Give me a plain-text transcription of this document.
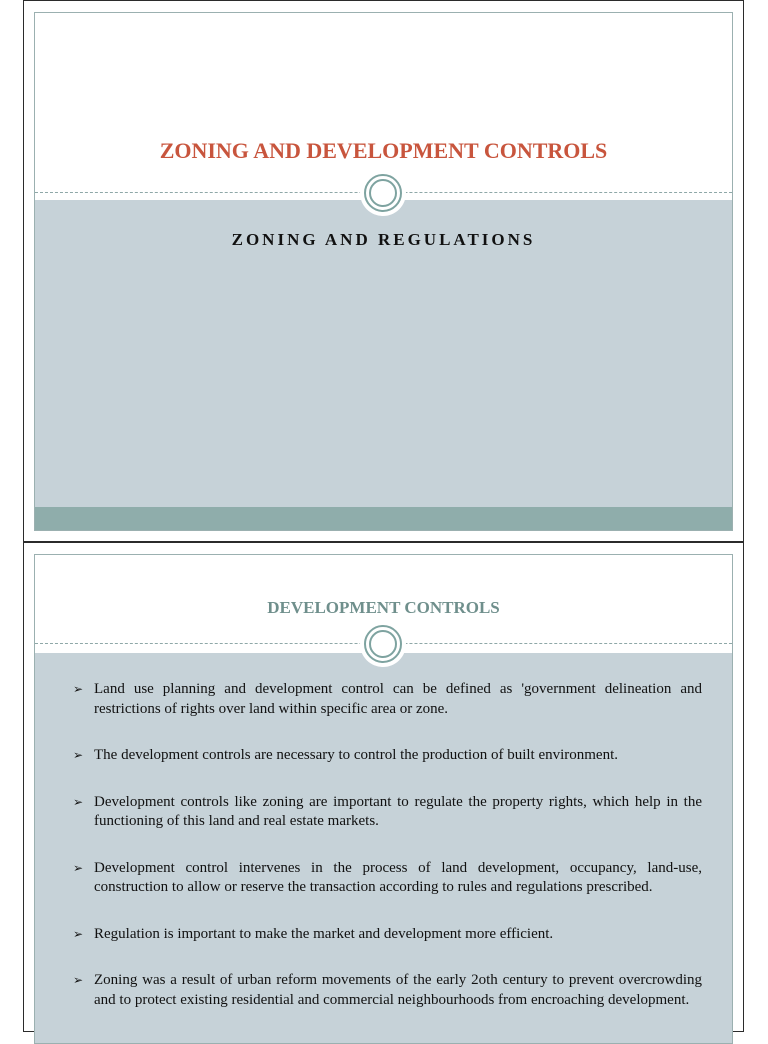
ZONING AND DEVELOPMENT CONTROLS
ZONING AND REGULATIONS
DEVELOPMENT CONTROLS
➢ Land use planning and development control can be defined as 'government delineation and restrictions of rights over land within specific area or zone.
➢ The development controls are necessary to control the production of built environment.
➢ Development controls like zoning are important to regulate the property rights, which help in the functioning of this land and real estate markets.
➢ Development control intervenes in the process of land development, occupancy, land-use, construction to allow or reserve the transaction according to rules and regulations prescribed.
➢ Regulation is important to make the market and development more efficient.
➢ Zoning was a result of urban reform movements of the early 2oth century to prevent overcrowding and to protect existing residential and commercial neighbourhoods from encroaching development.
